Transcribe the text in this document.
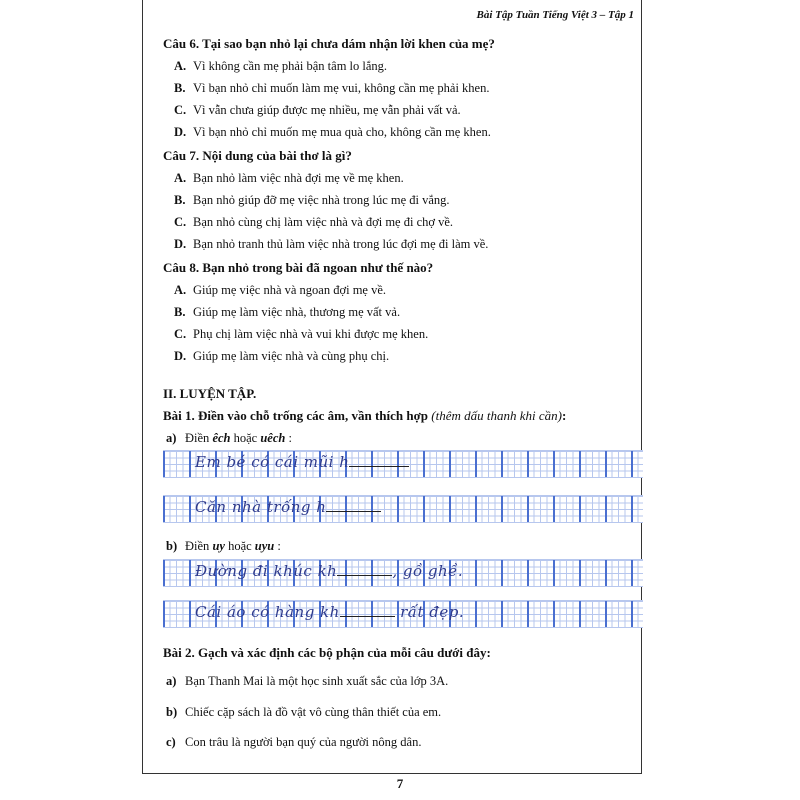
Bài Tập Tuần Tiếng Việt 3 – Tập 1
Câu 6. Tại sao bạn nhỏ lại chưa dám nhận lời khen của mẹ?
A. Vì không cần mẹ phải bận tâm lo lắng.
B. Vì bạn nhỏ chỉ muốn làm mẹ vui, không cần mẹ phải khen.
C. Vì vẫn chưa giúp được mẹ nhiều, mẹ vẫn phải vất vả.
D. Vì bạn nhỏ chỉ muốn mẹ mua quà cho, không cần mẹ khen.
Câu 7. Nội dung của bài thơ là gì?
A. Bạn nhỏ làm việc nhà đợi mẹ về mẹ khen.
B. Bạn nhỏ giúp đỡ mẹ việc nhà trong lúc mẹ đi vắng.
C. Bạn nhỏ cùng chị làm việc nhà và đợi mẹ đi chợ về.
D. Bạn nhỏ tranh thủ làm việc nhà trong lúc đợi mẹ đi làm về.
Câu 8. Bạn nhỏ trong bài đã ngoan như thế nào?
A. Giúp mẹ việc nhà và ngoan đợi mẹ về.
B. Giúp mẹ làm việc nhà, thương mẹ vất vả.
C. Phụ chị làm việc nhà và vui khi được mẹ khen.
D. Giúp mẹ làm việc nhà và cùng phụ chị.
II. LUYỆN TẬP.
Bài 1. Điền vào chỗ trống các âm, vần thích hợp (thêm dấu thanh khi cần):
a) Điền êch hoặc uêch :
Em bé có cái mũi h
Căn nhà trống h
b) Điền uy hoặc uyu :
Đường đi khúc kh	, gồ ghề.
Cái áo có hàng kh	rất đẹp.
Bài 2. Gạch và xác định các bộ phận của mỗi câu dưới đây:
a) Bạn Thanh Mai là một học sinh xuất sắc của lớp 3A.
b) Chiếc cặp sách là đồ vật vô cùng thân thiết của em.
c) Con trâu là người bạn quý của người nông dân.
7
